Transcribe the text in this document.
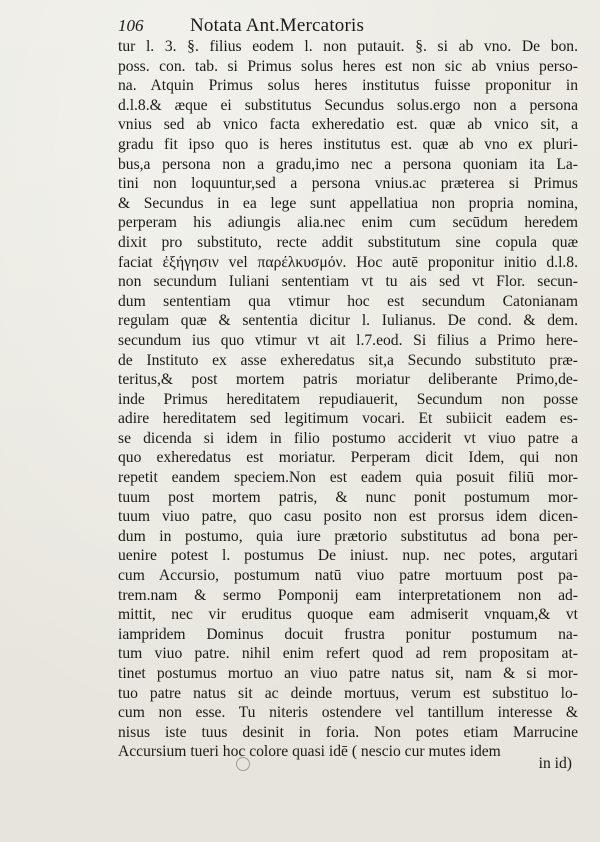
106 Notata Ant.Mercatoris
tur l. 3. §. filius eodem l. non putauit. §. si ab vno. De bon.
poss. con. tab. si Primus solus heres est non sic ab vnius perso-
na. Atquin Primus solus heres institutus fuisse proponitur in
d.l.8.& æque ei substitutus Secundus solus.ergo non a persona
vnius sed ab vnico facta exheredatio est. quæ ab vnico sit, a
gradu fit ipso quo is heres institutus est. quæ ab vno ex pluri-
bus,a persona non a gradu,imo nec a persona quoniam ita La-
tini non loquuntur,sed a persona vnius.ac præterea si Primus
& Secundus in ea lege sunt appellatiua non propria nomina,
perperam his adiungis alia.nec enim cum secūdum heredem
dixit pro substituto, recte addit substitutum sine copula quæ
faciat ἐξήγησιν vel παρέλκυσμόν. Hoc autē proponitur initio d.l.8.
non secundum Iuliani sententiam vt tu ais sed vt Flor. secun-
dum sententiam qua vtimur hoc est secundum Catonianam
regulam quæ & sententia dicitur l. Iulianus. De cond. & dem.
secundum ius quo vtimur vt ait l.7.eod. Si filius a Primo here-
de Instituto ex asse exheredatus sit,a Secundo substituto præ-
teritus,& post mortem patris moriatur deliberante Primo,de-
inde Primus hereditatem repudiauerit, Secundum non posse
adire hereditatem sed legitimum vocari. Et subiicit eadem es-
se dicenda si idem in filio postumo acciderit vt viuo patre a
quo exheredatus est moriatur. Perperam dicit Idem, qui non
repetit eandem speciem.Non est eadem quia posuit filiū mor-
tuum post mortem patris, & nunc ponit postumum mor-
tuum viuo patre, quo casu posito non est prorsus idem dicen-
dum in postumo, quia iure prætorio substitutus ad bona per-
uenire potest l. postumus De iniust. nup. nec potes, argutari
cum Accursio, postumum natū viuo patre mortuum post pa-
trem.nam & sermo Pomponij eam interpretationem non ad-
mittit, nec vir eruditus quoque eam admiserit vnquam,& vt
iampridem Dominus docuit frustra ponitur postumum na-
tum viuo patre. nihil enim refert quod ad rem propositam at-
tinet postumus mortuo an viuo patre natus sit, nam & si mor-
tuo patre natus sit ac deinde mortuus, verum est substituo lo-
cum non esse. Tu niteris ostendere vel tantillum interesse &
nisus iste tuus desinit in foria. Non potes etiam Marrucine
Accursium tueri hoc colore quasi idē ( nescio cur mutes idem
in id)
